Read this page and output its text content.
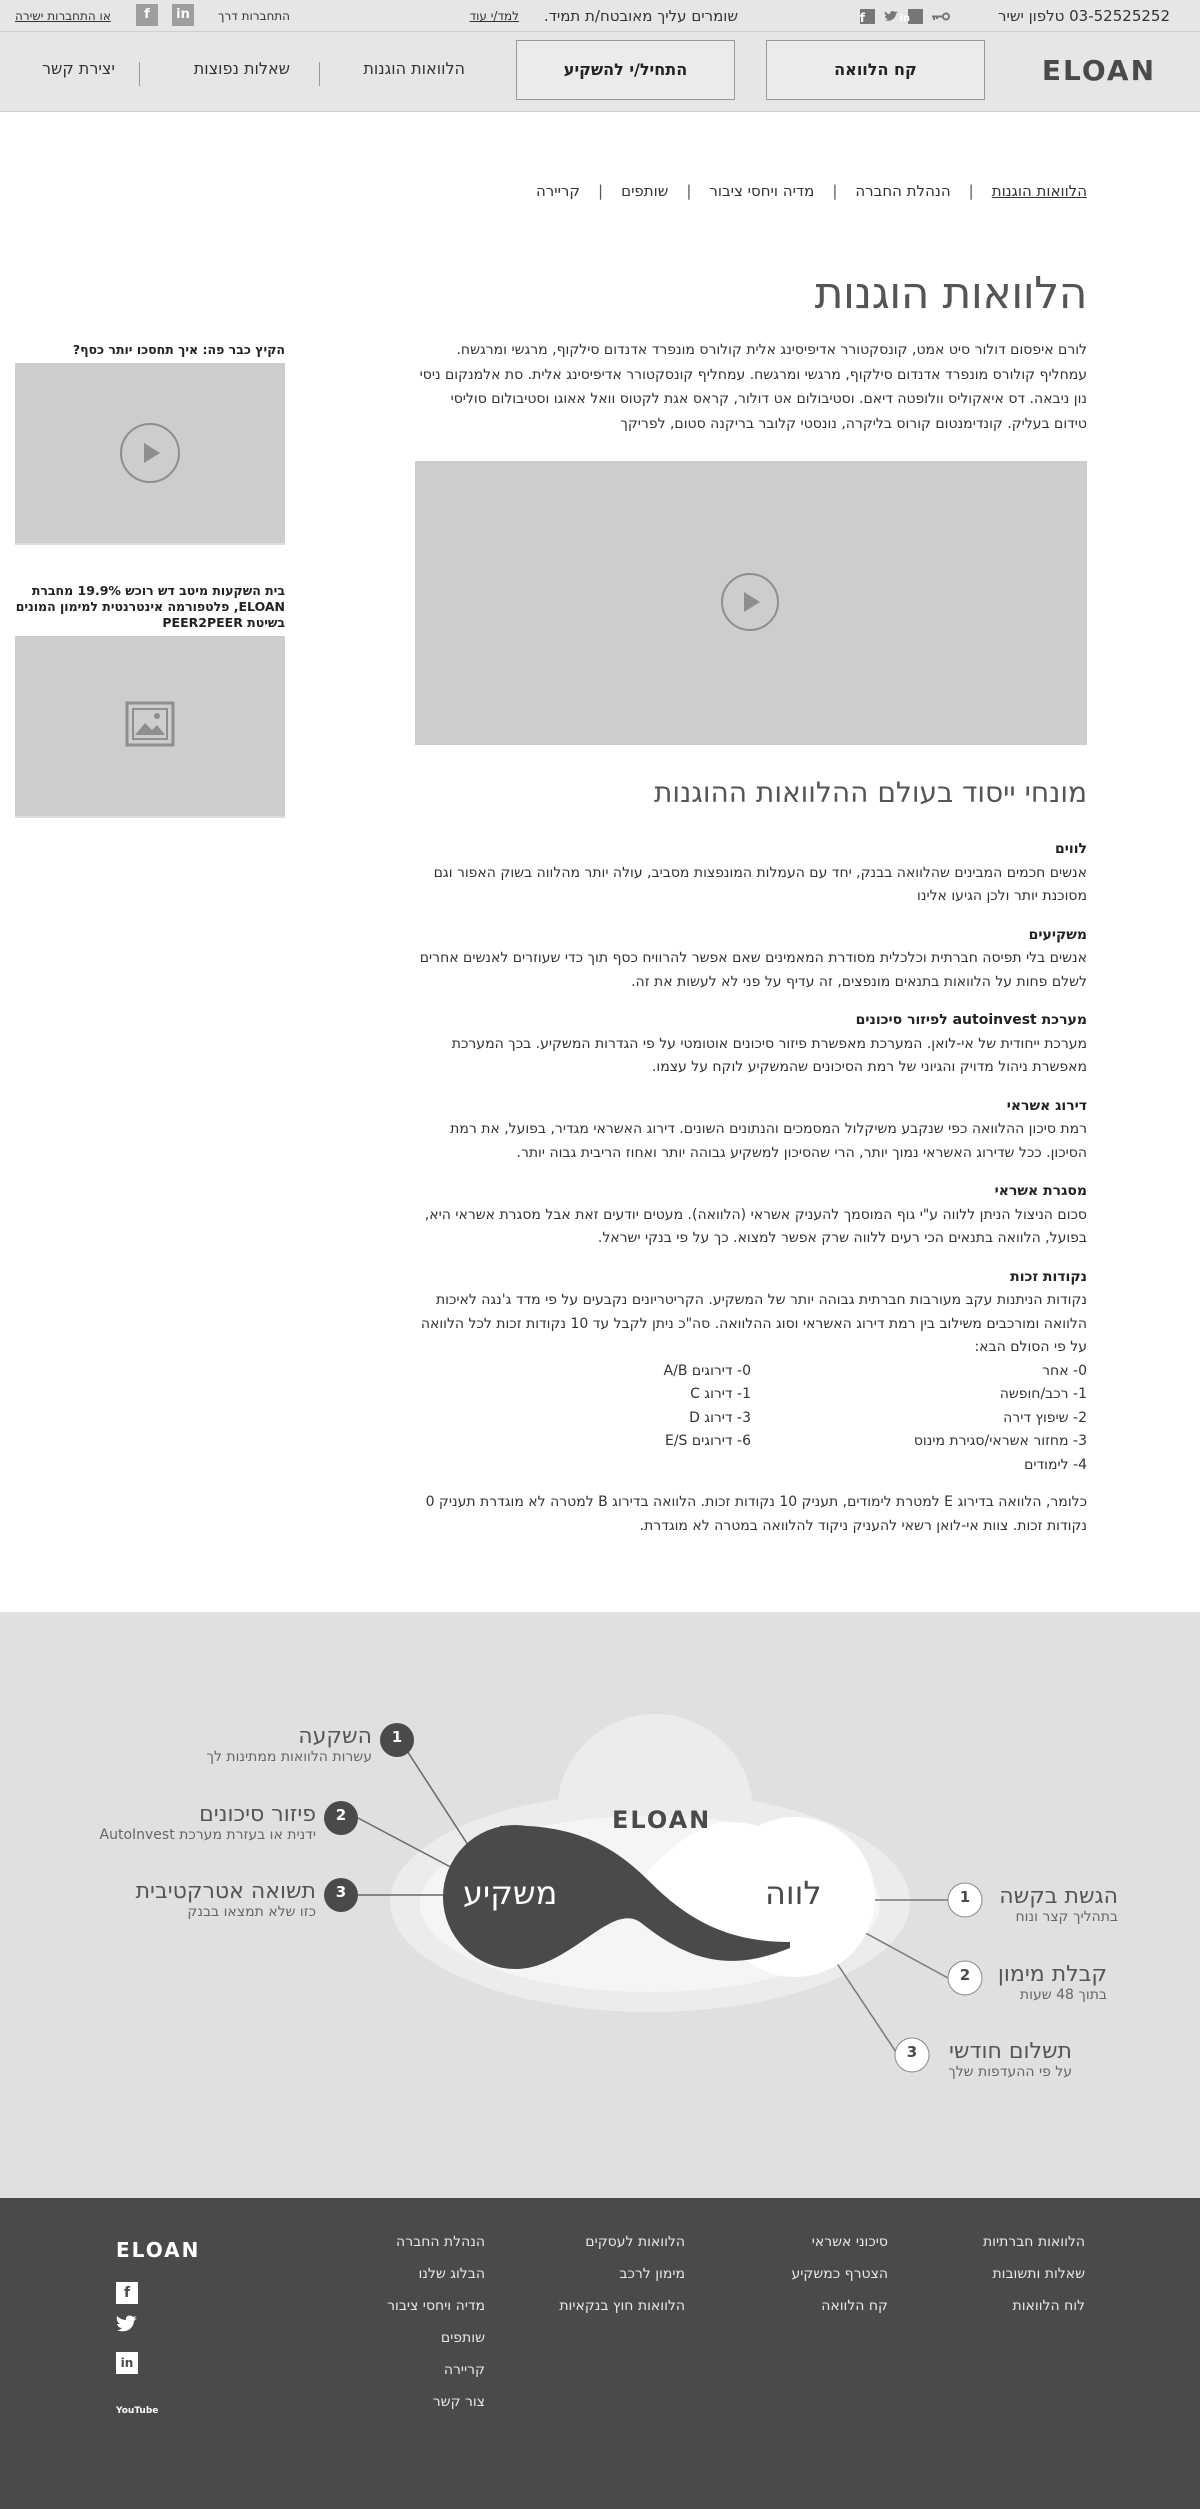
03-52525252 טלפון ישיר
f	in
שומרים עליך מאובטח/ת תמיד.
למד/י עוד
התחברות דרך
in
f
או התחברות ישירה
ELOAN
קח הלוואה
התחיל/י להשקיע
הלוואות הוגנות
שאלות נפוצות
יצירת קשר
הלוואות הוגנות|הנהלת החברה|מדיה ויחסי ציבור|שותפים|קריירה
הלוואות הוגנות

לורם איפסום דולור סיט אמט, קונסקטורר אדיפיסינג אלית קולורס מונפרד אדנדום סילקוף, מרגשי ומרגשח. עמחליף קולורס מונפרד אדנדום סילקוף, מרגשי ומרגשח. עמחליף קונסקטורר אדיפיסינג אלית. סת אלמנקום ניסי נון ניבאה. דס איאקוליס וולופטה דיאם. וסטיבולום אט דולור, קראס אגת לקטוס וואל אאוגו וסטיבולום סוליסי טידום בעליק. קונדימנטום קורוס בליקרה, נונסטי קלובר בריקנה סטום, לפריקך

מונחי ייסוד בעולם ההלוואות ההוגנות
לווים
אנשים חכמים המבינים שהלוואה בבנק, יחד עם העמלות המונפצות מסביב, עולה יותר מהלווה בשוק האפור וגם מסוכנת יותר ולכן הגיעו אלינו
משקיעים
אנשים בלי תפיסה חברתית וכלכלית מסודרת המאמינים שאם אפשר להרוויח כסף תוך כדי שעוזרים לאנשים אחרים לשלם פחות על הלוואות בתנאים מונפצים, זה עדיף על פני לא לעשות את זה.
מערכת autoinvest לפיזור סיכונים
מערכת ייחודית של אי-לואן. המערכת מאפשרת פיזור סיכונים אוטומטי על פי הגדרות המשקיע. בכך המערכת מאפשרת ניהול מדויק והגיוני של רמת הסיכונים שהמשקיע לוקח על עצמו.
דירוג אשראי
רמת סיכון ההלוואה כפי שנקבע משיקלול המסמכים והנתונים השונים. דירוג האשראי מגדיר, בפועל, את רמת הסיכון. ככל שדירוג האשראי נמוך יותר, הרי שהסיכון למשקיע גבוהה יותר ואחוז הריבית גבוה יותר.
מסגרת אשראי
סכום הניצול הניתן ללווה ע"י גוף המוסמך להעניק אשראי (הלוואה). מעטים יודעים זאת אבל מסגרת אשראי היא, בפועל, הלוואה בתנאים הכי רעים ללווה שרק אפשר למצוא. כך על פי בנקי ישראל.
נקודות זכות
נקודות הניתנות עקב מעורבות חברתית גבוהה יותר של המשקיע. הקריטריונים נקבעים על פי מדד ג'נגה לאיכות הלוואה ומורכבים משילוב בין רמת דירוג האשראי וסוג ההלוואה. סה"כ ניתן לקבל עד 10 נקודות זכות לכל הלוואה על פי הסולם הבא:
0- אחר
1- רכב/חופשה
2- שיפוץ דירה
3- מחזור אשראי/סגירת מינוס
4- לימודים
0- דירוגים A/B
1- דירוג C
3- דירוג D
6- דירוגים E/S
כלומר, הלוואה בדירוג E למטרת לימודים, תעניק 10 נקודות זכות. הלוואה בדירוג B למטרה לא מוגדרת תעניק 0 נקודות זכות. צוות אי-לואן רשאי להעניק ניקוד להלוואה במטרה לא מוגדרת.
הקיץ כבר פה: איך תחסכו יותר כסף?
בית השקעות מיטב דש רוכש 19.9% מחברת ELOAN, פלטפורמה אינטרנטית למימון המונים בשיטת PEER2PEER
ELOAN
משקיע	לווה
1
2
3
השקעה
עשרות הלוואות ממתינות לך
פיזור סיכונים
ידנית או בעזרת מערכת AutoInvest
תשואה אטרקטיבית
כזו שלא תמצאו בבנק
1
2
3
הגשת בקשה
בתהליך קצר ונוח
קבלת מימון
בתוך 48 שעות
תשלום חודשי
על פי ההעדפות שלך
הלוואות חברתיות
שאלות ותשובות
לוח הלוואות
סיכוני אשראי
הצטרף כמשקיע
קח הלוואה
הלוואות לעסקים
מימון לרכב
הלוואות חוץ בנקאיות
הנהלת החברה
הבלוג שלנו
מדיה ויחסי ציבור
שותפים
קריירה
צור קשר
ELOAN
f
in
YouTube
